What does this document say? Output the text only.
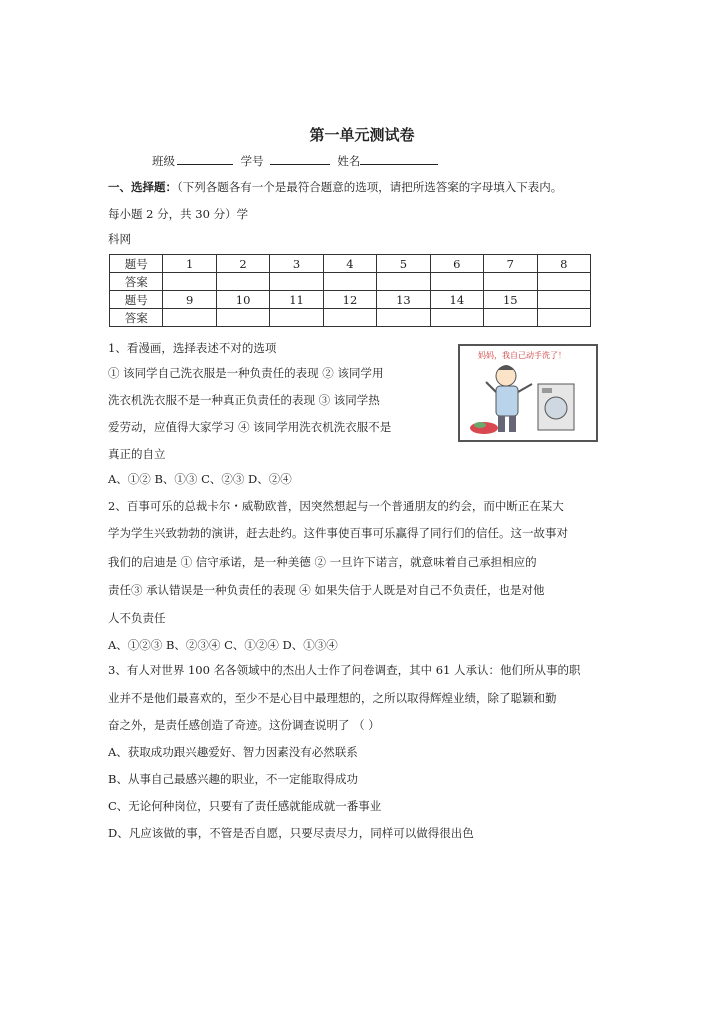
第一单元测试卷
班级	学号	姓名
一、选择题：（下列各题各有一个是最符合题意的选项，请把所选答案的字母填入下表内。
每小题 2 分，共 30 分）学
科网
题号	1	2	3	4	5	6	7	8
答案								
题号	9	10	11	12	13	14	15	
答案								
妈妈，我自己动手洗了！
1、看漫画，选择表述不对的选项
① 该同学自己洗衣服是一种负责任的表现 ② 该同学用
洗衣机洗衣服不是一种真正负责任的表现 ③ 该同学热
爱劳动，应值得大家学习 ④ 该同学用洗衣机洗衣服不是
真正的自立
A、①② B、①③ C、②③ D、②④
2、百事可乐的总裁卡尔・威勒欧普，因突然想起与一个普通朋友的约会，而中断正在某大
学为学生兴致勃勃的演讲，赶去赴约。这件事使百事可乐赢得了同行们的信任。这一故事对
我们的启迪是 ① 信守承诺，是一种美德 ② 一旦许下诺言，就意味着自己承担相应的
责任③ 承认错误是一种负责任的表现 ④ 如果失信于人既是对自己不负责任，也是对他
人不负责任
A、①②③ B、②③④ C、①②④ D、①③④
3、有人对世界 100 名各领域中的杰出人士作了问卷调查，其中 61 人承认：他们所从事的职
业并不是他们最喜欢的，至少不是心目中最理想的，之所以取得辉煌业绩，除了聪颖和勤
奋之外，是责任感创造了奇迹。这份调查说明了 （ ）
A、获取成功跟兴趣爱好、智力因素没有必然联系
B、从事自己最感兴趣的职业，不一定能取得成功
C、无论何种岗位，只要有了责任感就能成就一番事业
D、凡应该做的事，不管是否自愿，只要尽责尽力，同样可以做得很出色
